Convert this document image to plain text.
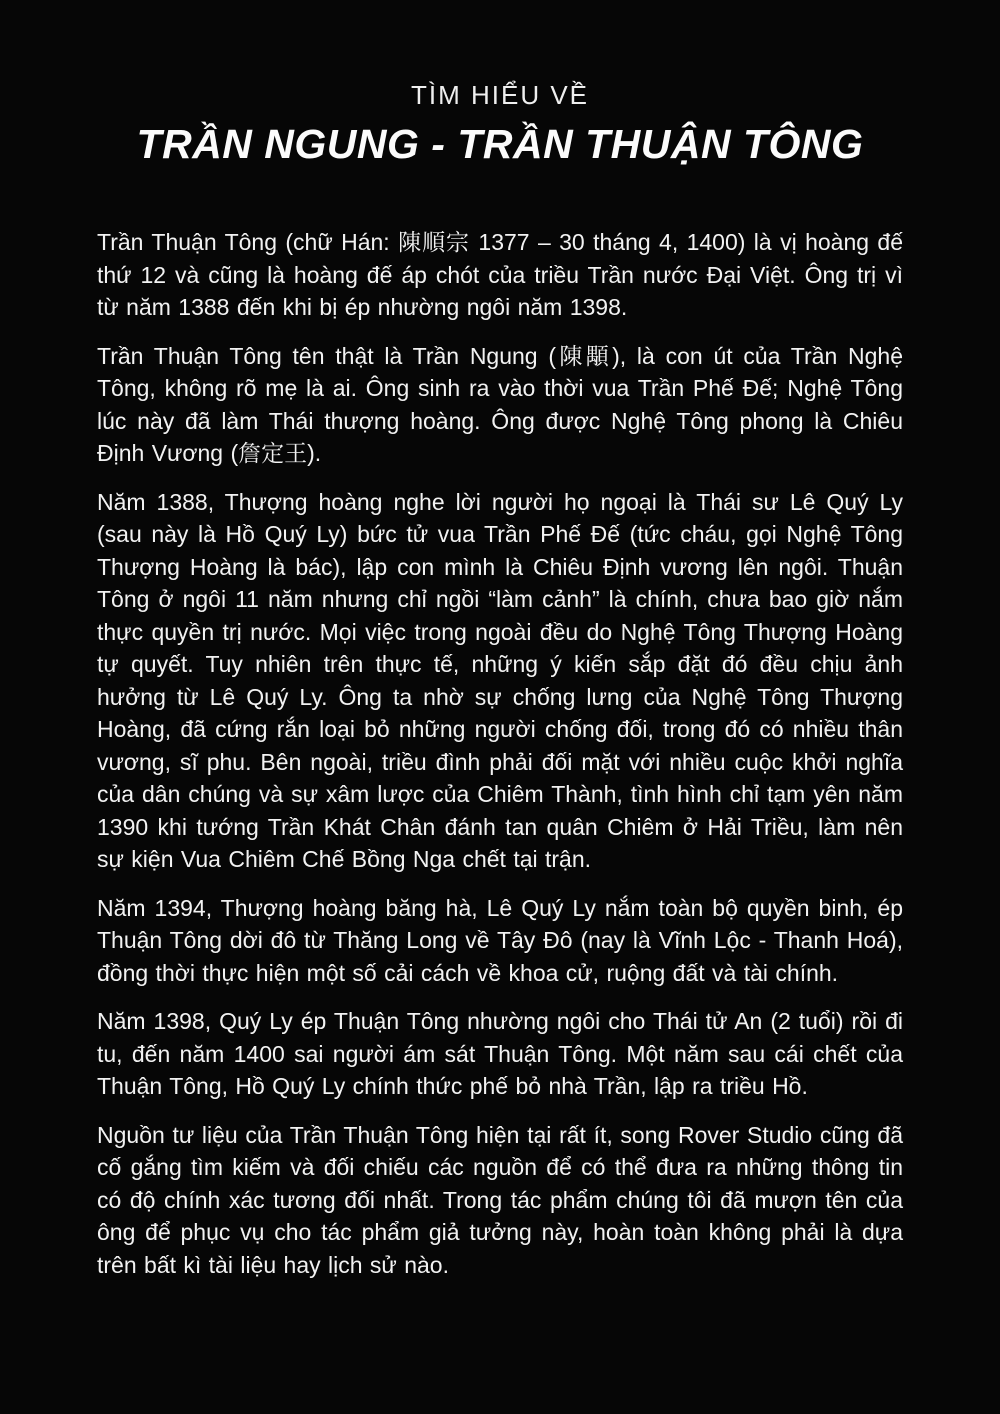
TÌM HIỂU VỀ
TRẦN NGUNG - TRẦN THUẬN TÔNG

Trần Thuận Tông (chữ Hán: 陳順宗 1377 – 30 tháng 4, 1400) là vị hoàng đế thứ 12 và cũng là hoàng đế áp chót của triều Trần nước Đại Việt. Ông trị vì từ năm 1388 đến khi bị ép nhường ngôi năm 1398.

Trần Thuận Tông tên thật là Trần Ngung (陳顒), là con út của Trần Nghệ Tông, không rõ mẹ là ai. Ông sinh ra vào thời vua Trần Phế Đế; Nghệ Tông lúc này đã làm Thái thượng hoàng. Ông được Nghệ Tông phong là Chiêu Định Vương (詹定王).

Năm 1388, Thượng hoàng nghe lời người họ ngoại là Thái sư Lê Quý Ly (sau này là Hồ Quý Ly) bức tử vua Trần Phế Đế (tức cháu, gọi Nghệ Tông Thượng Hoàng là bác), lập con mình là Chiêu Định vương lên ngôi. Thuận Tông ở ngôi 11 năm nhưng chỉ ngồi “làm cảnh” là chính, chưa bao giờ nắm thực quyền trị nước. Mọi việc trong ngoài đều do Nghệ Tông Thượng Hoàng tự quyết. Tuy nhiên trên thực tế, những ý kiến sắp đặt đó đều chịu ảnh hưởng từ Lê Quý Ly. Ông ta nhờ sự chống lưng của Nghệ Tông Thượng Hoàng, đã cứng rắn loại bỏ những người chống đối, trong đó có nhiều thân vương, sĩ phu. Bên ngoài, triều đình phải đối mặt với nhiều cuộc khởi nghĩa của dân chúng và sự xâm lược của Chiêm Thành, tình hình chỉ tạm yên năm 1390 khi tướng Trần Khát Chân đánh tan quân Chiêm ở Hải Triều, làm nên sự kiện Vua Chiêm Chế Bồng Nga chết tại trận.

Năm 1394, Thượng hoàng băng hà, Lê Quý Ly nắm toàn bộ quyền binh, ép Thuận Tông dời đô từ Thăng Long về Tây Đô (nay là Vĩnh Lộc - Thanh Hoá), đồng thời thực hiện một số cải cách về khoa cử, ruộng đất và tài chính.

Năm 1398, Quý Ly ép Thuận Tông nhường ngôi cho Thái tử An (2 tuổi) rồi đi tu, đến năm 1400 sai người ám sát Thuận Tông. Một năm sau cái chết của Thuận Tông, Hồ Quý Ly chính thức phế bỏ nhà Trần, lập ra triều Hồ.

Nguồn tư liệu của Trần Thuận Tông hiện tại rất ít, song Rover Studio cũng đã cố gắng tìm kiếm và đối chiếu các nguồn để có thể đưa ra những thông tin có độ chính xác tương đối nhất. Trong tác phẩm chúng tôi đã mượn tên của ông để phục vụ cho tác phẩm giả tưởng này, hoàn toàn không phải là dựa trên bất kì tài liệu hay lịch sử nào.
